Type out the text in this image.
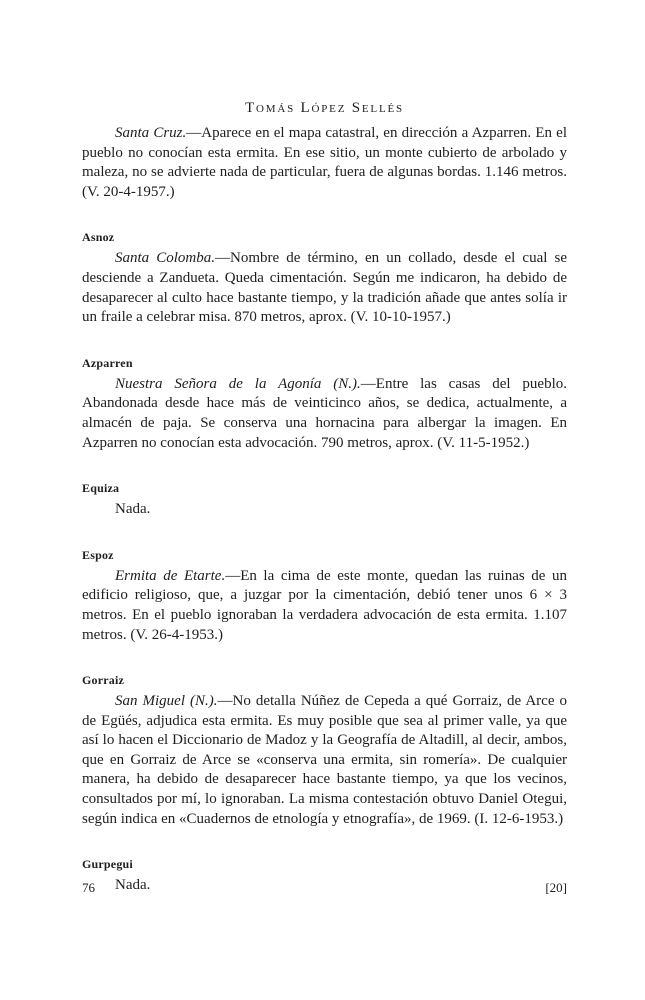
Tomás López Sellés

Santa Cruz.—Aparece en el mapa catastral, en dirección a Azparren. En el pueblo no conocían esta ermita. En ese sitio, un monte cubierto de arbolado y maleza, no se advierte nada de particular, fuera de algunas bordas. 1.146 metros. (V. 20-4-1957.)

Asnoz

Santa Colomba.—Nombre de término, en un collado, desde el cual se desciende a Zandueta. Queda cimentación. Según me indicaron, ha debido de desaparecer al culto hace bastante tiempo, y la tradición añade que antes solía ir un fraile a celebrar misa. 870 metros, aprox. (V. 10-10-1957.)

Azparren

Nuestra Señora de la Agonía (N.).—Entre las casas del pueblo. Abandonada desde hace más de veinticinco años, se dedica, actualmente, a almacén de paja. Se conserva una hornacina para albergar la imagen. En Azparren no conocían esta advocación. 790 metros, aprox. (V. 11-5-1952.)

Equiza

Nada.

Espoz

Ermita de Etarte.—En la cima de este monte, quedan las ruinas de un edificio religioso, que, a juzgar por la cimentación, debió tener unos 6 × 3 metros. En el pueblo ignoraban la verdadera advocación de esta ermita. 1.107 metros. (V. 26-4-1953.)

Gorraiz

San Miguel (N.).—No detalla Núñez de Cepeda a qué Gorraiz, de Arce o de Egüés, adjudica esta ermita. Es muy posible que sea al primer valle, ya que así lo hacen el Diccionario de Madoz y la Geografía de Altadill, al decir, ambos, que en Gorraiz de Arce se «conserva una ermita, sin romería». De cualquier manera, ha debido de desaparecer hace bastante tiempo, ya que los vecinos, consultados por mí, lo ignoraban. La misma contestación obtuvo Daniel Otegui, según indica en «Cuadernos de etnología y etnografía», de 1969. (I. 12-6-1953.)

Gurpegui

Nada.

76	[20]
